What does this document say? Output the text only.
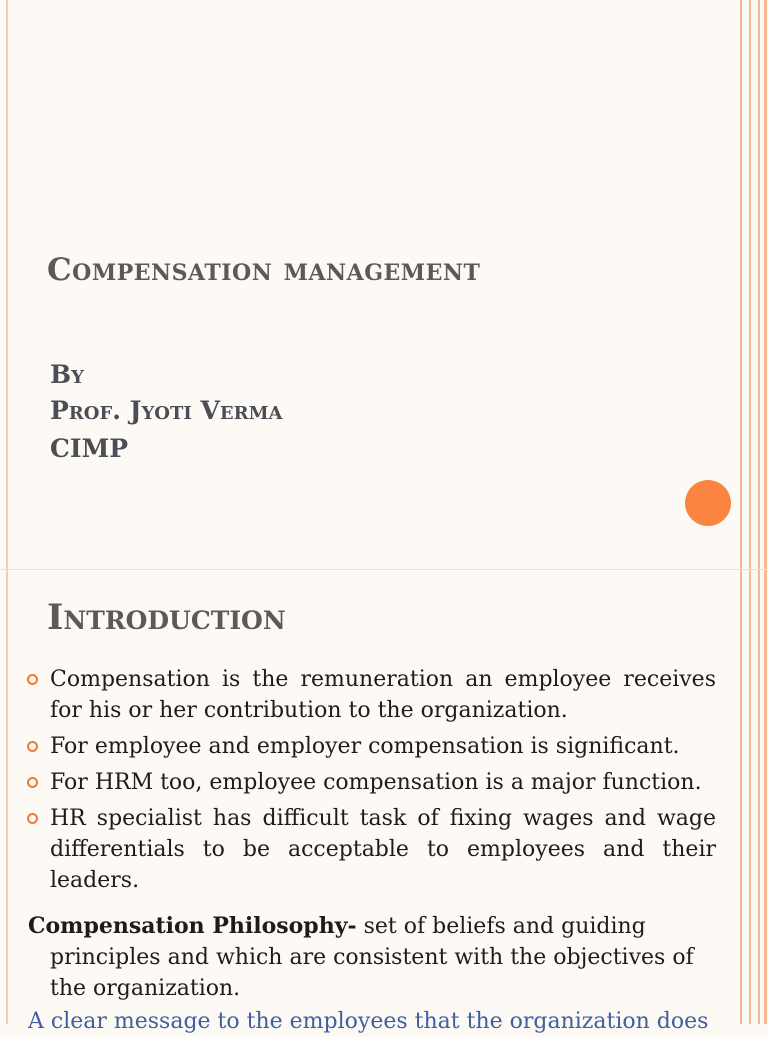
Compensation management
By
Prof. Jyoti Verma
CIMP
Introduction
Compensation is the remuneration an employee receives for his or her contribution to the organization.
For employee and employer compensation is significant.
For HRM too, employee compensation is a major function.
HR specialist has difficult task of fixing wages and wage differentials to be acceptable to employees and their leaders.
Compensation Philosophy- set of beliefs and guiding
principles and which are consistent with the objectives of the organization.
A clear message to the employees that the organization does
